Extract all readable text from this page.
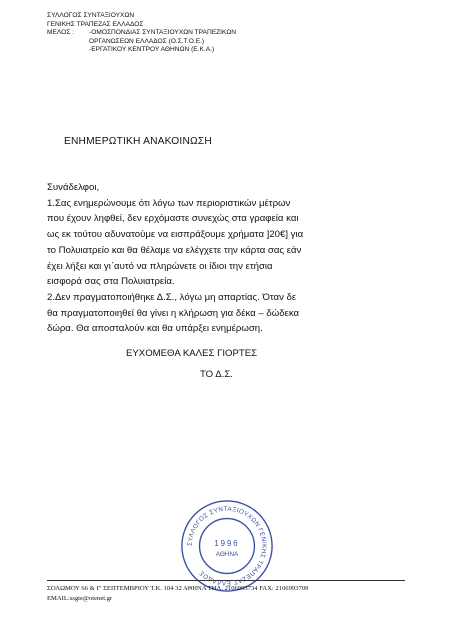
ΣΥΛΛΟΓΟΣ ΣΥΝΤΑΞΙΟΥΧΩΝ
ΓΕΝΙΚΗΣ ΤΡΑΠΕΖΑΣ ΕΛΛΑΔΟΣ
ΜΕΛΟΣ :	-ΟΜΟΣΠΟΝΔΙΑΣ ΣΥΝΤΑΞΙΟΥΧΩΝ ΤΡΑΠΕΖΙΚΩΝ
ΟΡΓΑΝΩΣΕΩΝ ΕΛΛΑΔΟΣ (Ο.Σ.Τ.Ο.Ε.)
-ΕΡΓΑΤΙΚΟΥ ΚΕΝΤΡΟΥ ΑΘΗΝΩΝ (Ε.Κ.Α.)
ΕΝΗΜΕΡΩΤΙΚΗ ΑΝΑΚΟΙΝΩΣΗ

Συνάδελφοι,

1.Σας ενημερώνουμε ότι λόγω των περιοριστικών μέτρων

που έχουν ληφθεί, δεν ερχόμαστε συνεχώς στα γραφεία και

ως εκ τούτου αδυνατούμε να εισπράξουμε χρήματα ]20€] για

το Πολυιατρείο και θα θέλαμε να ελέγχετε την κάρτα σας εάν

έχει λήξει και γι΄αυτό να πληρώνετε οι ίδιοι την ετήσια

εισφορά σας στα Πολυιατρεία.

2.Δεν πραγματοποιήθηκε Δ.Σ., λόγω μη απαρτίας. Όταν δε

θα πραγματοποιηθεί θα γίνει η κλήρωση για δέκα – δώδεκα

δώρα. Θα αποσταλούν και θα υπάρξει ενημέρωση.

ΕΥΧΟΜΕΘΑ ΚΑΛΕΣ ΓΙΟΡΤΕΣ
ΤΟ Δ.Σ.
ΣΥΛΛΟΓΟΣ ΣΥΝΤΑΞΙΟΥΧΩΝ ΓΕΝΙΚΗΣ ΤΡΑΠΕΖΑΣ ΕΛΛΑΔΟΣ
1996
ΑΘΗΝΑ
ΣΟΛΩΜΟΥ 66 & Γ' ΣΕΠΤΕΜΒΡΙΟΥ Τ.Κ. 104 32 ΑΘΗΝΑ ΤΗΛ. 2106993734 FAX: 2106993709
EMAIL:ssgte@otenet.gr
